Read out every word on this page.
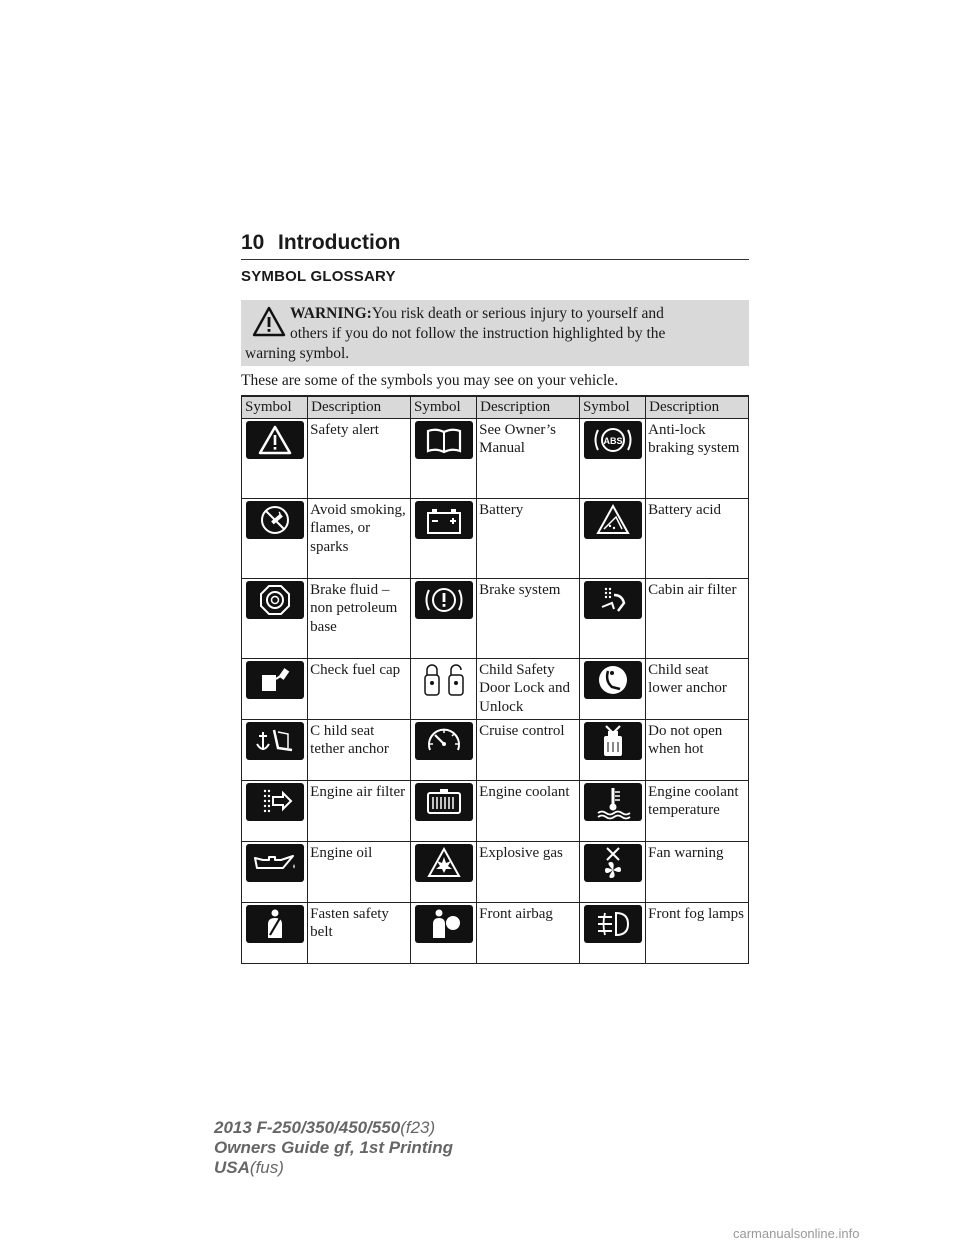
10 Introduction
SYMBOL GLOSSARY
WARNING:You risk death or serious injury to yourself and
others if you do not follow the instruction highlighted by the
warning symbol.
These are some of the symbols you may see on your vehicle.
Symbol	Description	Symbol	Description	Symbol	Description

Safety alert		See Owner’s Manual	ABS	Anti-lock braking system

Avoid smoking, flames, or sparks		Battery		Battery acid

Brake fluid – non petroleum base		Brake system		Cabin air filter

Check fuel cap		Child Safety Door Lock and Unlock		Child seat lower anchor

C hild seat tether anchor		Cruise control		Do not open when hot

Engine air filter		Engine coolant		Engine coolant temperature

Engine oil		Explosive gas		Fan warning

Fasten safety belt		Front airbag		Front fog lamps
2013 F-250/350/450/550(f23)
Owners Guide gf, 1st Printing
USA(fus)
carmanualsonline.info
